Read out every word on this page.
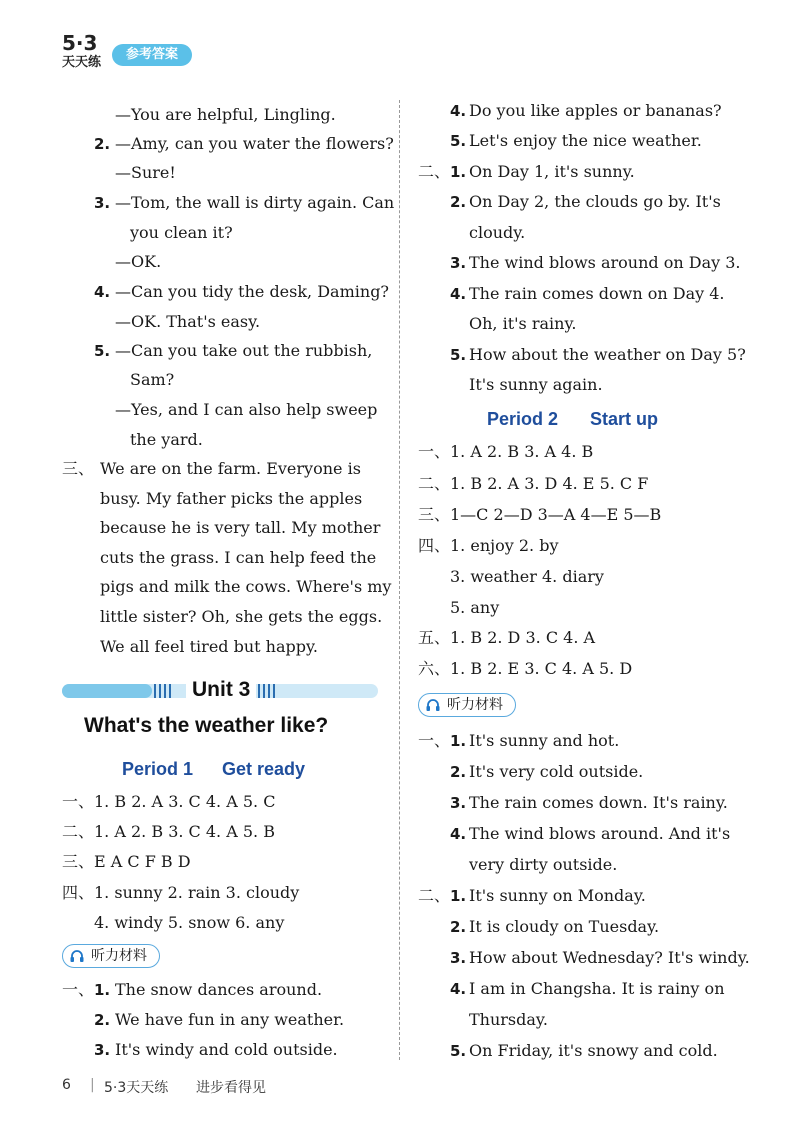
5·3
天天练
参考答案
—You are helpful, Lingling.
—Amy, can you water the flowers?
—Sure!
—Tom, the wall is dirty again. Can
you clean it?
—OK.
—Can you tidy the desk, Daming?
—OK. That's easy.
—Can you take out the rubbish,
Sam?
—Yes, and I can also help sweep
the yard.
2.
3.
4.
5.
三、 We are on the farm. Everyone is
busy. My father picks the apples
because he is very tall. My mother
cuts the grass. I can help feed the
pigs and milk the cows. Where's my
little sister? Oh, she gets the eggs.
We all feel tired but happy.
Unit 3
What's the weather like?
Period 1 Get ready
一、 1. B 2. A 3. C 4. A 5. C
二、 1. A 2. B 3. C 4. A 5. B
三、 E A C F B D
四、 1. sunny 2. rain 3. cloudy
4. windy 5. snow 6. any
听力材料
一、 1. The snow dances around.
2. We have fun in any weather.
3. It's windy and cold outside.
4. Do you like apples or bananas?
5. Let's enjoy the nice weather.
二、 1. On Day 1, it's sunny.
2. On Day 2, the clouds go by. It's
cloudy.
3. The wind blows around on Day 3.
4. The rain comes down on Day 4.
Oh, it's rainy.
5. How about the weather on Day 5?
It's sunny again.
Period 2 Start up
一、 1. A 2. B 3. A 4. B
二、 1. B 2. A 3. D 4. E 5. C F
三、 1—C 2—D 3—A 4—E 5—B
四、 1. enjoy 2. by
3. weather 4. diary
5. any
五、 1. B 2. D 3. C 4. A
六、 1. B 2. E 3. C 4. A 5. D
听力材料
一、 1. It's sunny and hot.
2. It's very cold outside.
3. The rain comes down. It's rainy.
4. The wind blows around. And it's
very dirty outside.
二、 1. It's sunny on Monday.
2. It is cloudy on Tuesday.
3. How about Wednesday? It's windy.
4. I am in Changsha. It is rainy on
Thursday.
5. On Friday, it's snowy and cold.
6 | 5·3天天练 进步看得见
